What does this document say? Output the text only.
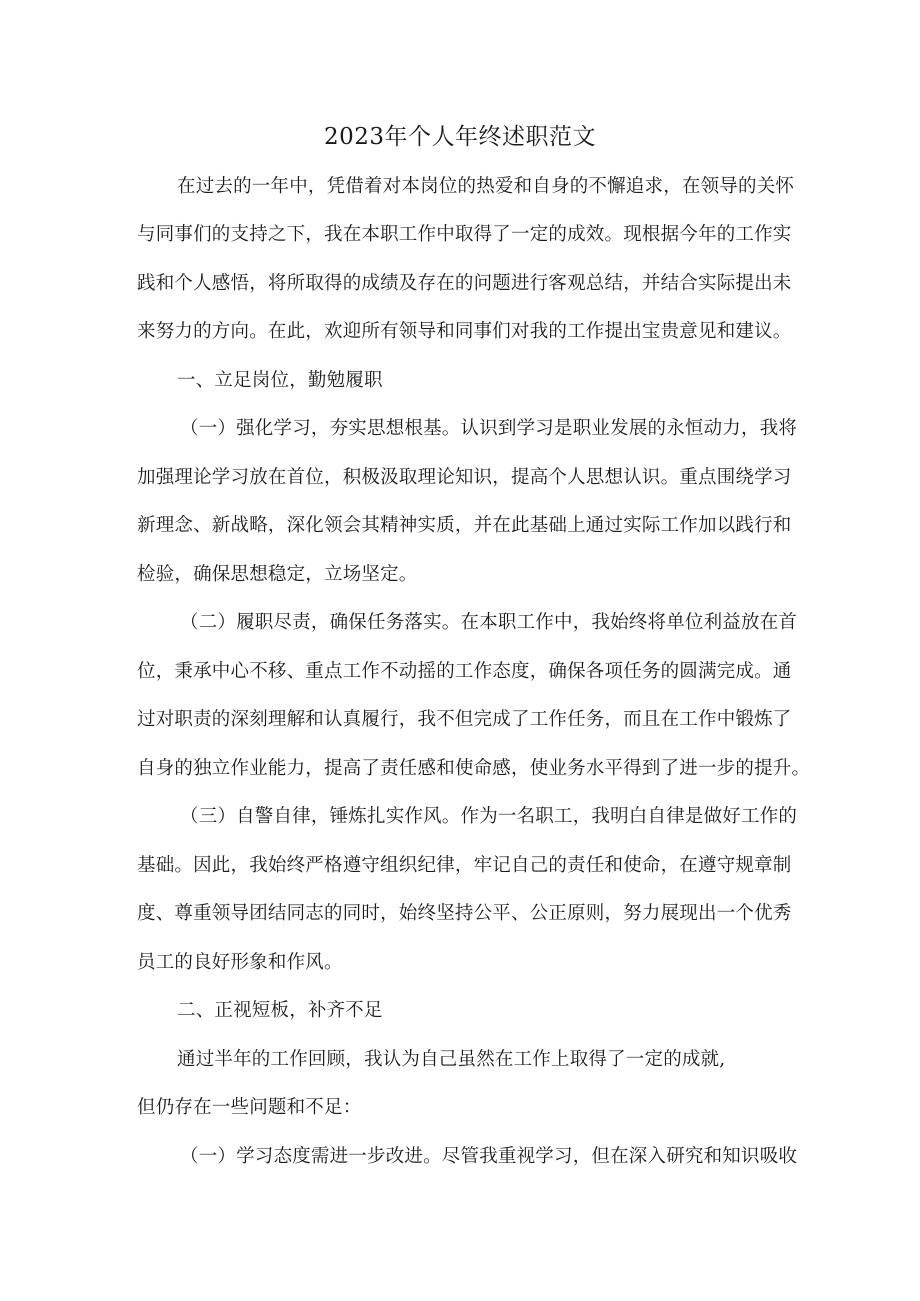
2023年个人年终述职范文
在过去的一年中，凭借着对本岗位的热爱和自身的不懈追求，在领导的关怀
与同事们的支持之下，我在本职工作中取得了一定的成效。现根据今年的工作实
践和个人感悟，将所取得的成绩及存在的问题进行客观总结，并结合实际提出未
来努力的方向。在此，欢迎所有领导和同事们对我的工作提出宝贵意见和建议。
一、立足岗位，勤勉履职
（一）强化学习，夯实思想根基。认识到学习是职业发展的永恒动力，我将
加强理论学习放在首位，积极汲取理论知识，提高个人思想认识。重点围绕学习
新理念、新战略，深化领会其精神实质，并在此基础上通过实际工作加以践行和
检验，确保思想稳定，立场坚定。
（二）履职尽责，确保任务落实。在本职工作中，我始终将单位利益放在首
位，秉承中心不移、重点工作不动摇的工作态度，确保各项任务的圆满完成。通
过对职责的深刻理解和认真履行，我不但完成了工作任务，而且在工作中锻炼了
自身的独立作业能力，提高了责任感和使命感，使业务水平得到了进一步的提升。
（三）自警自律，锤炼扎实作风。作为一名职工，我明白自律是做好工作的
基础。因此，我始终严格遵守组织纪律，牢记自己的责任和使命，在遵守规章制
度、尊重领导团结同志的同时，始终坚持公平、公正原则，努力展现出一个优秀
员工的良好形象和作风。
二、正视短板，补齐不足
通过半年的工作回顾，我认为自己虽然在工作上取得了一定的成就,
但仍存在一些问题和不足：
（一）学习态度需进一步改进。尽管我重视学习，但在深入研究和知识吸收
